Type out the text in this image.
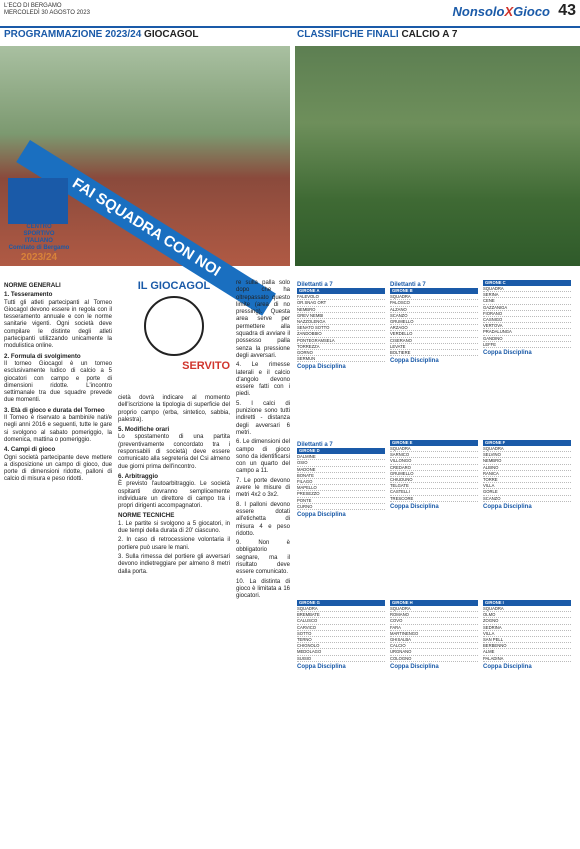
L'ECO DI BERGAMO
MERCOLEDÌ 30 AGOSTO 2023	NonsoloXGioco 43
PROGRAMMAZIONE 2023/24 GIOCAGOL	CLASSIFICHE FINALI CALCIO A 7
FAI SQUADRA CON NOI
CENTRO
SPORTIVO
ITALIANO
Comitato di Bergamo
2023/24
NORME GENERALI
1. Tesseramento

Tutti gli atleti partecipanti al Torneo Giocagol devono essere in regola con il tesseramento annuale e con le norme sanitarie vigenti. Ogni società deve compilare le distinte degli atleti partecipanti utilizzando unicamente la modulistica online.

2. Formula di svolgimento

Il torneo Giocagol è un torneo esclusivamente ludico di calcio a 5 giocatori con campo e porte di dimensioni ridotte. L'incontro settimanale tra due squadre prevede due momenti.

3. Età di gioco e durata del Torneo

Il Torneo è riservato a bambini/e nati/e negli anni 2016 e seguenti, tutte le gare si svolgono al sabato pomeriggio, la domenica, mattina o pomeriggio.

4. Campi di gioco

Ogni società partecipante deve mettere a disposizione un campo di gioco, due porte di dimensioni ridotte, palloni di calcio di misura e peso ridotti.

IL GIOCAGOL
SERVITO

cietà dovrà indicare al momento dell'iscrizione la tipologia di superficie del proprio campo (erba, sintetico, sabbia, palestra).

5. Modifiche orari

Lo spostamento di una partita (preventivamente concordato tra i responsabili di società) deve essere comunicato alla segreteria del Csi almeno due giorni prima dell'incontro.

6. Arbitraggio

È previsto l'autoarbitraggio. Le società ospitanti dovranno semplicemente individuare un direttore di campo tra i propri dirigenti accompagnatori.

NORME TECNICHE

1. Le partite si svolgono a 5 giocatori, in due tempi della durata di 20' ciascuno.

2. In caso di retrocessione volontaria il portiere può usare le mani.

3. Sulla rimessa del portiere gli avversari devono indietreggiare per almeno 8 metri dalla porta.

re sulla palla solo dopo che ha oltrepassato questo limite (area di no pressing). Questa area serve per permettere alla squadra di avviare il possesso palla senza la pressione degli avversari.

4. Le rimesse laterali e il calcio d'angolo devono essere fatti con i piedi.

5. I calci di punizione sono tutti indiretti - distanza degli avversari 6 metri.

6. Le dimensioni del campo di gioco sono da identificarsi con un quarto del campo a 11.

7. Le porte devono avere le misure di metri 4x2 o 3x2.

8. I palloni devono essere dotati all'etichetta di misura 4 e peso ridotto.

9. Non è obbligatorio segnare, ma il risultato deve essere comunicato.

10. La distinta di gioco è limitata a 16 giocatori.

Dilettanti a 7
GIRONE A
FALEVOLO
OR.SNAG ORT
NEMBRO
GREV NEMBI
NAZZOLENGA
SENATO SOTTO
ZANDOBBIO
PONTEGRAMSELA
TORREZZA
GORNO
SERMUN
Coppa Disciplina
Dilettanti a 7
GIRONE B
SQUADRA
PALOSCO
ALZANO
SCANZO
GRUMELLO
ARZAGO
VERDELLO
CISERANO
LEVATE
BOLTIERE
Coppa Disciplina
GIRONE C
SQUADRA
SERINA
CENE
GAZZANIGA
FIORANO
CASNIGO
VERTOVA
PRADALUNGA
GANDINO
LEFFE
Coppa Disciplina
Dilettanti a 7
GIRONE D
DALMINE
OSIO
MADONE
BONATE
FILAGO
MAPELLO
PRESEZZO
PONTE
CURNO
Coppa Disciplina
GIRONE E
SQUADRA
SARNICO
VILLONGO
CREDARO
GRUMELLO
CHIUDUNO
TELGATE
CASTELLI
TRESCORE
Coppa Disciplina
GIRONE F
SQUADRA
SELVINO
NEMBRO
ALBINO
RANICA
TORRE
VILLA
GORLE
SCANZO
Coppa Disciplina
GIRONE G
SQUADRA
BREMBATE
CALUSCO
CARVICO
SOTTO
TERNO
CHIGNOLO
MEDOLAGO
SUISIO
Coppa Disciplina
GIRONE H
SQUADRA
ROMANO
COVO
FARA
MARTINENGO
GHISALBA
CALCIO
URGNANO
COLOGNO
Coppa Disciplina
GIRONE I
SQUADRA
OLMO
ZOGNO
SEDRINA
VILLA
SAN PELL
BERBENNO
ALME
PALADINA
Coppa Disciplina
